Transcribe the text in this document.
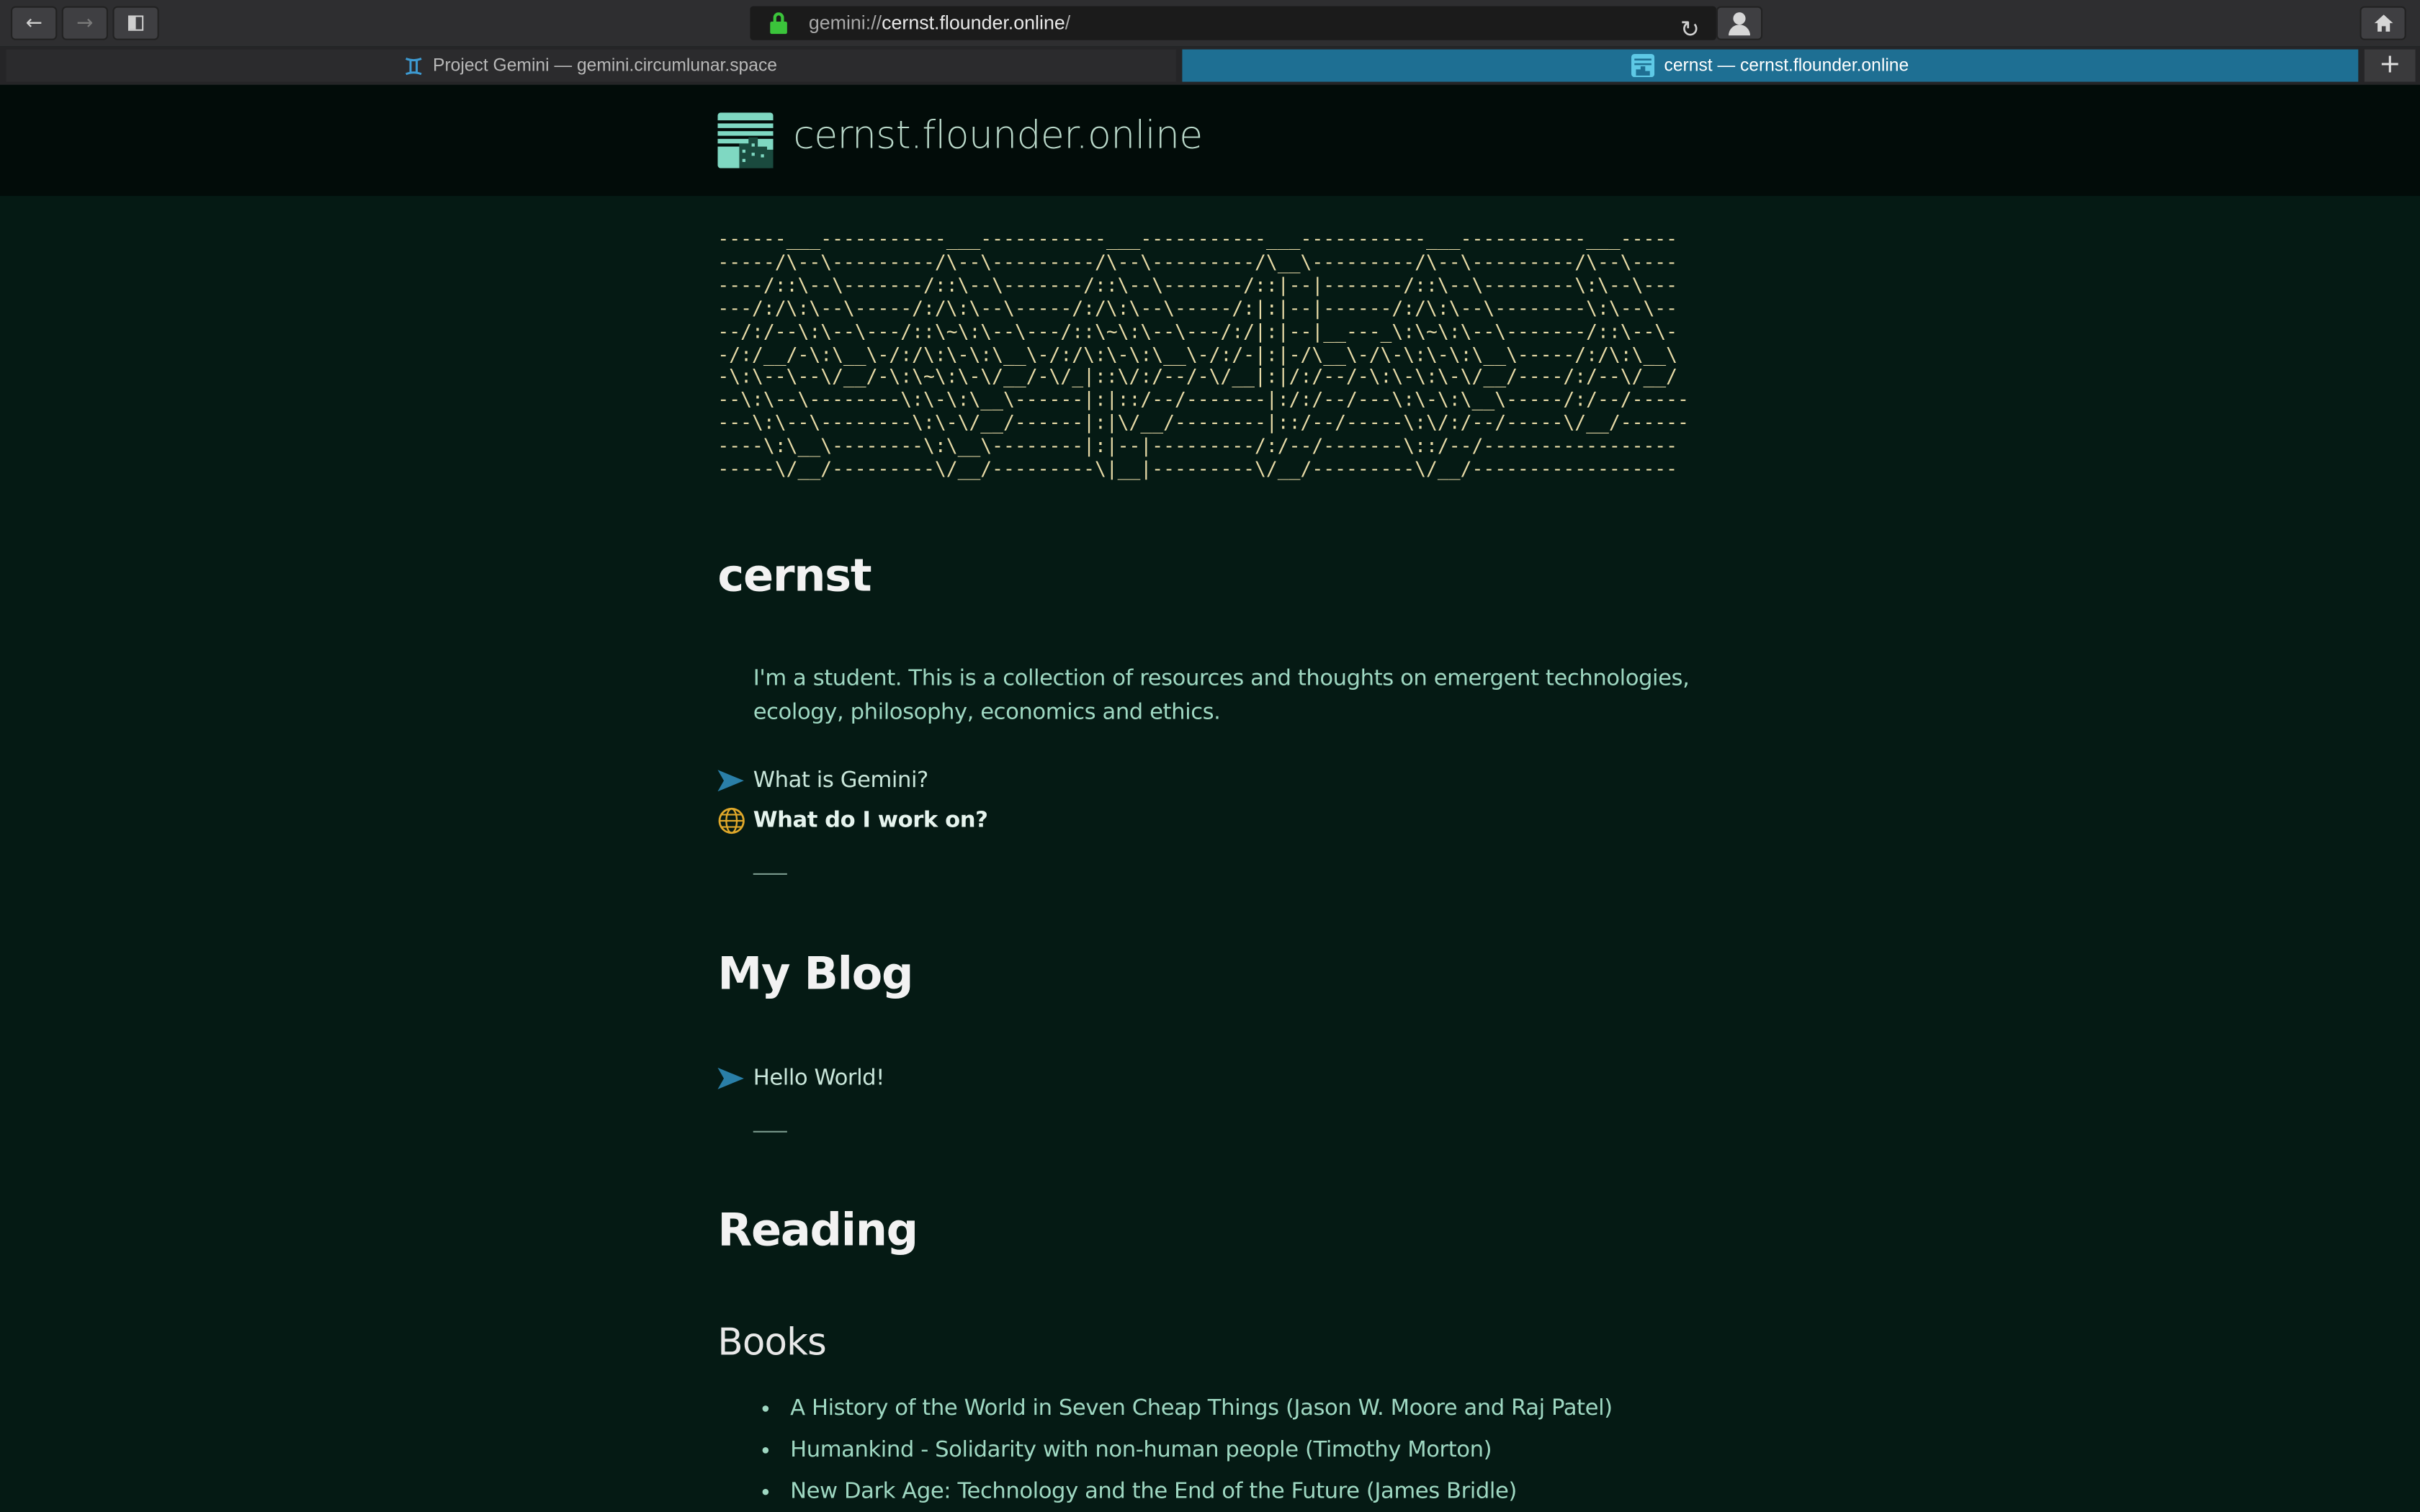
←	→	gemini://cernst.flounder.online/	↻
Project Gemini — gemini.circumlunar.space	cernst — cernst.flounder.online	+
cernst.flounder.online
------___-----------___-----------___-----------___-----------___-----------___-----
-----/\--\---------/\--\---------/\--\---------/\__\---------/\--\---------/\--\----
----/::\--\-------/::\--\-------/::\--\-------/::|--|-------/::\--\--------\:\--\---
---/:/\:\--\-----/:/\:\--\-----/:/\:\--\-----/:|:|--|------/:/\:\--\--------\:\--\--
--/:/--\:\--\---/::\~\:\--\---/::\~\:\--\---/:/|:|--|__---_\:\~\:\--\-------/::\--\-
-/:/__/-\:\__\-/:/\:\-\:\__\-/:/\:\-\:\__\-/:/-|:|-/\__\-/\-\:\-\:\__\-----/:/\:\__\
-\:\--\--\/__/-\:\~\:\-\/__/-\/_|::\/:/--/-\/__|:|/:/--/-\:\-\:\-\/__/----/:/--\/__/
--\:\--\--------\:\-\:\__\------|:|::/--/-------|:/:/--/---\:\-\:\__\-----/:/--/-----
---\:\--\--------\:\-\/__/------|:|\/__/--------|::/--/-----\:\/:/--/-----\/__/------
----\:\__\--------\:\__\--------|:|--|---------/:/--/-------\::/--/-----------------
-----\/__/---------\/__/---------\|__|---------\/__/---------\/__/------------------
cernst
I'm a student. This is a collection of resources and thoughts on emergent technologies, ecology, philosophy, economics and ethics.
What is Gemini?
What do I work on?
My Blog
Hello World!
Reading
Books
A History of the World in Seven Cheap Things (Jason W. Moore and Raj Patel)
Humankind - Solidarity with non-human people (Timothy Morton)
New Dark Age: Technology and the End of the Future (James Bridle)
